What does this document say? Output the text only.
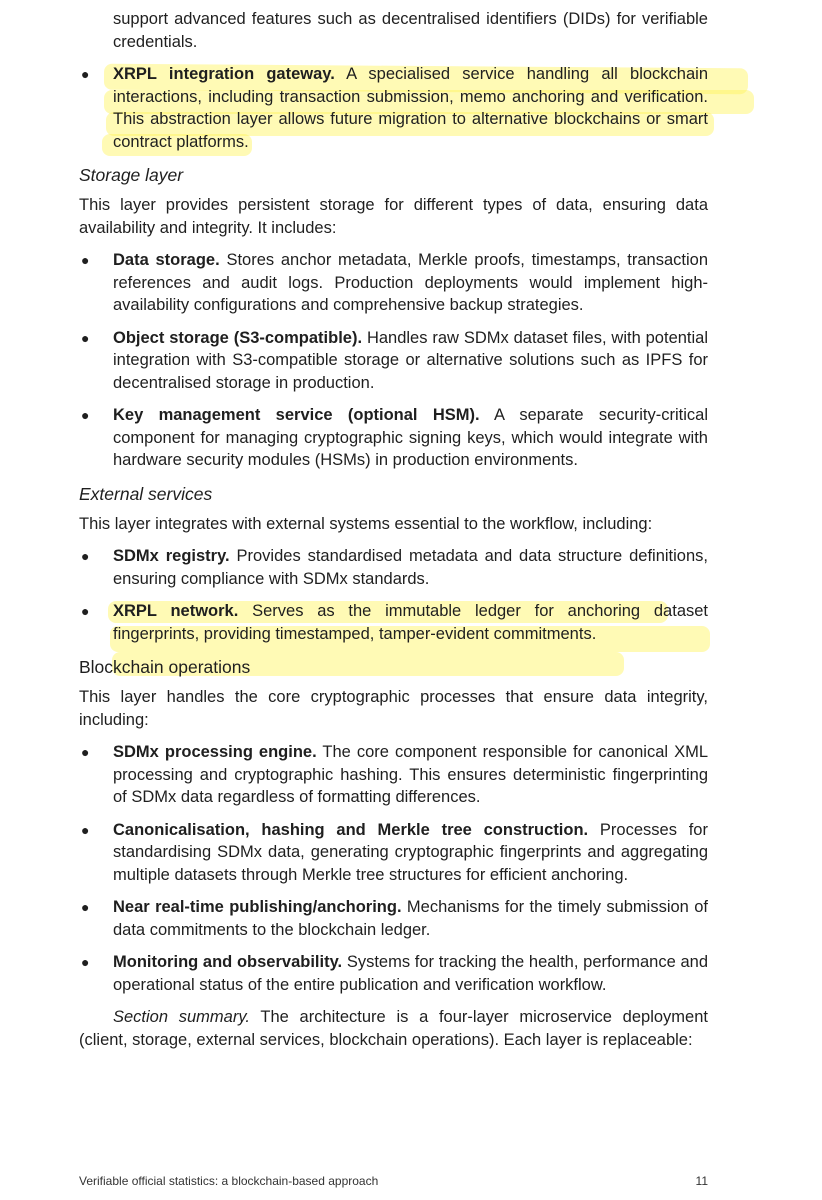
support advanced features such as decentralised identifiers (DIDs) for verifiable credentials.

● XRPL integration gateway. A specialised service handling all blockchain interactions, including transaction submission, memo anchoring and verification. This abstraction layer allows future migration to alternative blockchains or smart contract platforms.
Storage layer

This layer provides persistent storage for different types of data, ensuring data availability and integrity. It includes:

● Data storage. Stores anchor metadata, Merkle proofs, timestamps, transaction references and audit logs. Production deployments would implement high-availability configurations and comprehensive backup strategies.
● Object storage (S3-compatible). Handles raw SDMx dataset files, with potential integration with S3-compatible storage or alternative solutions such as IPFS for decentralised storage in production.
● Key management service (optional HSM). A separate security-critical component for managing cryptographic signing keys, which would integrate with hardware security modules (HSMs) in production environments.
External services

This layer integrates with external systems essential to the workflow, including:

● SDMx registry. Provides standardised metadata and data structure definitions, ensuring compliance with SDMx standards.
● XRPL network. Serves as the immutable ledger for anchoring dataset fingerprints, providing timestamped, tamper-evident commitments.
Blockchain operations

This layer handles the core cryptographic processes that ensure data integrity, including:

● SDMx processing engine. The core component responsible for canonical XML processing and cryptographic hashing. This ensures deterministic fingerprinting of SDMx data regardless of formatting differences.
● Canonicalisation, hashing and Merkle tree construction. Processes for standardising SDMx data, generating cryptographic fingerprints and aggregating multiple datasets through Merkle tree structures for efficient anchoring.
● Near real-time publishing/anchoring. Mechanisms for the timely submission of data commitments to the blockchain ledger.
● Monitoring and observability. Systems for tracking the health, performance and operational status of the entire publication and verification workflow.

Section summary. The architecture is a four-layer microservice deployment (client, storage, external services, blockchain operations). Each layer is replaceable:

Verifiable official statistics: a blockchain-based approach	11
